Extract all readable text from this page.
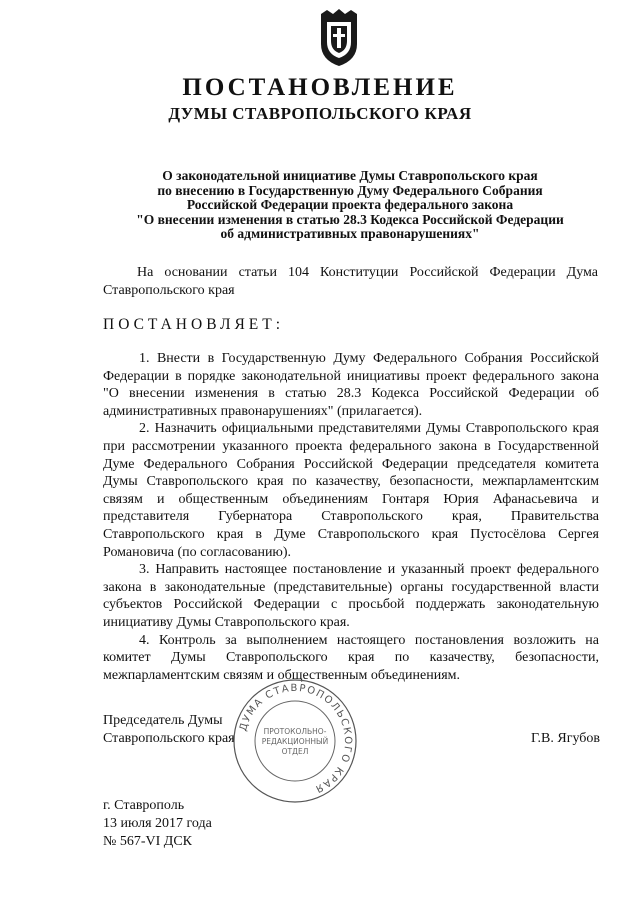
ПОСТАНОВЛЕНИЕ
ДУМЫ СТАВРОПОЛЬСКОГО КРАЯ
О законодательной инициативе Думы Ставропольского края
по внесению в Государственную Думу Федерального Собрания
Российской Федерации проекта федерального закона
"О внесении изменения в статью 28.3 Кодекса Российской Федерации
об административных правонарушениях"

На основании статьи 104 Конституции Российской Федерации Дума Ставропольского края

ПОСТАНОВЛЯЕТ:

1. Внести в Государственную Думу Федерального Собрания Российской Федерации в порядке законодательной инициативы проект федерального закона "О внесении изменения в статью 28.3 Кодекса Российской Федерации об административных правонарушениях" (прилагается).

2. Назначить официальными представителями Думы Ставропольского края при рассмотрении указанного проекта федерального закона в Государственной Думе Федерального Собрания Российской Федерации председателя комитета Думы Ставропольского края по казачеству, безопасности, межпарламентским связям и общественным объединениям Гонтаря Юрия Афанасьевича и представителя Губернатора Ставропольского края, Правительства Ставропольского края в Думе Ставропольского края Пустосёлова Сергея Романовича (по согласованию).

3. Направить настоящее постановление и указанный проект федерального закона в законодательные (представительные) органы государственной власти субъектов Российской Федерации с просьбой поддержать законодательную инициативу Думы Ставропольского края.

4. Контроль за выполнением настоящего постановления возложить на комитет Думы Ставропольского края по казачеству, безопасности, межпарламентским связям и общественным объединениям.

Председатель Думы
Ставропольского края	Г.В. Ягубов
ДУМА СТАВРОПОЛЬСКОГО КРАЯ
ПРОТОКОЛЬНО-
РЕДАКЦИОННЫЙ
ОТДЕЛ
г. Ставрополь
13 июля 2017 года
№ 567-VI ДСК
